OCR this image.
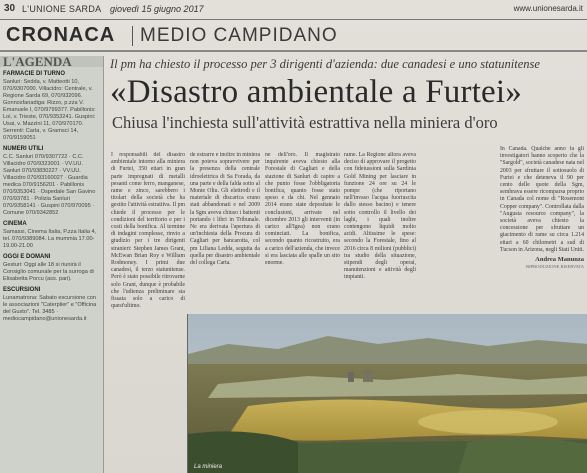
30 L'UNIONE SARDA giovedì 15 giugno 2017	www.unionesarda.it
CRONACA MEDIO CAMPIDANO
L'AGENDA
FARMACIE DI TURNO

Sanluri: Sedda, v. Matteotti 10, 070/9307000. Villacidro: Centrale, v. Regione Sarda 69, 070/932096. Gonnosfanadiga: Rizzo, p.zza V. Emanuele I, 070/9799377. Pabillonis: Loi, v. Trieste, 070/9353241. Guspini: Usai, v. Mazzini 11, 070/970170. Serrenti: Carta, v. Gramsci 14, 070/9159051

NUMERI UTILI

C.C. Sanluri 070/9307722 · C.C. Villacidro 070/9323001 · VV.UU. Sanluri 070/93830227 · VV.UU. Villacidro 070/93160027 · Guardia medica 070/9156201 · Pabillonis 070/9353041 · Ospedale San Gavino 070/93781 · Polizia Sanluri 070/9358141 · Guspini 070/970095 · Comune 070/9342852

CINEMA

Samassi, Cinema Italia, P.zza Italia 4, tel. 070/9389084. La mummia 17.00-19.00-21.00

OGGI E DOMANI

Gesturi: Oggi alle 18 si riunirà il Consiglio comunale per la surroga di Elisabetta Porcu (ass. pari).

ESCURSIONI

Lunamatrona: Sabato escursione con le associazioni "Caterplier" e "Officina del Gusto". Tel. 3485 · mediocampidano@unionesarda.it

Il pm ha chiesto il processo per 3 dirigenti d'azienda: due canadesi e uno statunitense
«Disastro ambientale a Furtei»
Chiusa l'inchiesta sull'attività estrattiva nella miniera d'oro

I responsabili del disastro ambientale intorno alla miniera di Furtei, 350 ettari in gran parte impregnati di metalli pesanti come ferro, manganese, rame e zinco, sarebbero i titolari della società che ha gestito l'attività estrattiva. Il pm chiede il processo per le condizioni del territorio e per i costi della bonifica. Al termine di indagini complesse, rinvio a giudizio per i tre dirigenti stranieri: Stephen James Grant, McEwan Brian Roy e William Rodmoney. I primi due canadesi, il terzo statunitense. Però è stato possibile ritrovarne solo Grant, dunque è probabile che l'udienza preliminare sia fissata solo a carico di quest'ultimo.

de estrarre e inoltre in miniera non poteva sopravvivere per la presenza della centrale idroelettrica di Sa Forada, da una parte e della falda sotto al Monte Oliu. Gli elettrodi e il materiale di discarica erano stati abbandonati e nel 2009 la Sgm aveva chiuso i battenti portando i libri in Tribunale. Ne era derivata l'apertura di un'inchiesta della Procura di Cagliari per bancarotta, col pm Liliana Ledda, seguita da quella per disastro ambientale del collega Carta.

ne dell'oro. Il magistrato inquirente aveva chiesto alla Forestale di Cagliari e della stazione di Sanluri di capire a che punto fosse l'obbligatoria bonifica, quanto fosse stato speso e da chi. Nel gennaio 2014 erano state depositate le conclusioni, arrivate nel dicembre 2013 gli interventi (in carico all'Igea) non erano cominciati. La bonifica, secondo quanto ricostruito, era a carico dell'azienda, che invece si era lasciata alle spalle un sito enorme.

rame. La Regione allora aveva deciso di approvare il progetto con fideiussioni sulla Sardinia Gold Mining per lasciare in funzione 24 ore su 24 le pompe (che riportano nell'invaso l'acqua fuoriuscita dallo stesso bacino) e tenere sotto controllo il livello dei laghi, i quali inoltre contengono liquidi molto acidi. Altissime le spese: secondo la Forestale, fino al 2016 circa 8 milioni (pubblici) tra studio della situazione, stipendi degli operai, manutenzioni e attività degli impianti.

In Canada. Qualche anno fa gli investigatori hanno scoperto che la "Sargold", società canadese nata nel 2003 per sfruttare il sottosuolo di Furtei e che deteneva il 90 per cento delle quote della Sgm, sembrava essere ricomparsa proprio in Canada col nome di "Rosemont Copper company". Controllata dalla "Augusta resource company", la società aveva chiesto la concessione per sfruttare un giacimento di rame su circa 1.214 ettari a 60 chilometri a sud di Tucson in Arizona, negli Stati Uniti.

Andrea Manunza
RIPRODUZIONE RISERVATA
La miniera
